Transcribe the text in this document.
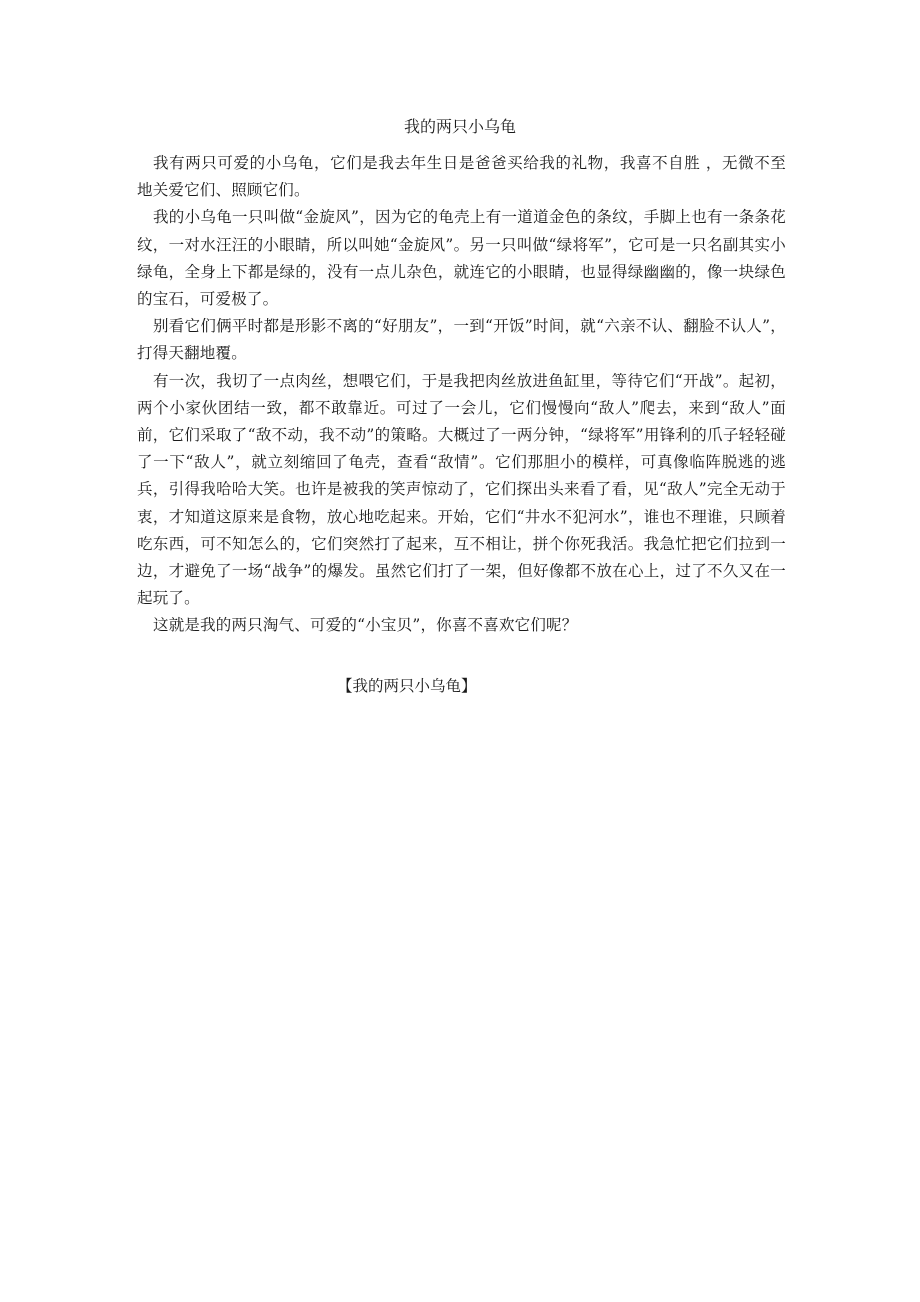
我的两只小乌龟

我有两只可爱的小乌龟，它们是我去年生日是爸爸买给我的礼物，我喜不自胜 ，无微不至地关爱它们、照顾它们。

我的小乌龟一只叫做“金旋风”，因为它的龟壳上有一道道金色的条纹，手脚上也有一条条花纹，一对水汪汪的小眼睛，所以叫她“金旋风”。另一只叫做“绿将军”，它可是一只名副其实小绿龟，全身上下都是绿的，没有一点儿杂色，就连它的小眼睛，也显得绿幽幽的，像一块绿色的宝石，可爱极了。

别看它们俩平时都是形影不离的“好朋友”，一到“开饭”时间，就“六亲不认、翻脸不认人”，打得天翻地覆。

有一次，我切了一点肉丝，想喂它们，于是我把肉丝放进鱼缸里，等待它们“开战”。起初，两个小家伙团结一致，都不敢靠近。可过了一会儿，它们慢慢向“敌人”爬去，来到“敌人”面前，它们采取了“敌不动，我不动”的策略。大概过了一两分钟，“绿将军”用锋利的爪子轻轻碰了一下“敌人”，就立刻缩回了龟壳，查看“敌情”。它们那胆小的模样，可真像临阵脱逃的逃兵，引得我哈哈大笑。也许是被我的笑声惊动了，它们探出头来看了看，见“敌人”完全无动于衷，才知道这原来是食物，放心地吃起来。开始，它们“井水不犯河水”，谁也不理谁，只顾着吃东西，可不知怎么的，它们突然打了起来，互不相让，拼个你死我活。我急忙把它们拉到一边，才避免了一场“战争”的爆发。虽然它们打了一架，但好像都不放在心上，过了不久又在一起玩了。

这就是我的两只淘气、可爱的“小宝贝”，你喜不喜欢它们呢？

【我的两只小乌龟】
